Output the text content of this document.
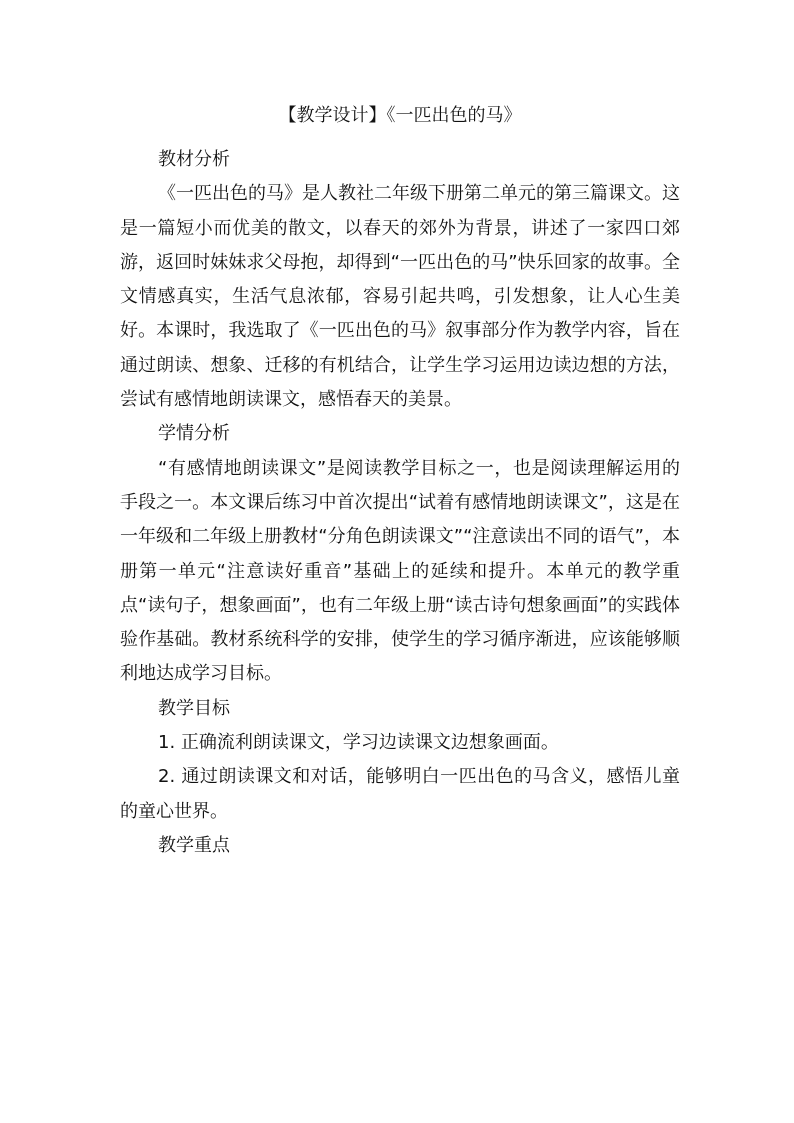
【教学设计】《一匹出色的马》

教材分析

《一匹出色的马》是人教社二年级下册第二单元的第三篇课文。这是一篇短小而优美的散文，以春天的郊外为背景，讲述了一家四口郊游，返回时妹妹求父母抱，却得到“一匹出色的马”快乐回家的故事。全文情感真实，生活气息浓郁，容易引起共鸣，引发想象，让人心生美好。本课时，我选取了《一匹出色的马》叙事部分作为教学内容，旨在通过朗读、想象、迁移的有机结合，让学生学习运用边读边想的方法，尝试有感情地朗读课文，感悟春天的美景。

学情分析

“有感情地朗读课文”是阅读教学目标之一，也是阅读理解运用的手段之一。本文课后练习中首次提出“试着有感情地朗读课文”，这是在一年级和二年级上册教材“分角色朗读课文”“注意读出不同的语气”，本册第一单元“注意读好重音”基础上的延续和提升。本单元的教学重点“读句子，想象画面”，也有二年级上册“读古诗句想象画面”的实践体验作基础。教材系统科学的安排，使学生的学习循序渐进，应该能够顺利地达成学习目标。

教学目标

1. 正确流利朗读课文，学习边读课文边想象画面。

2. 通过朗读课文和对话，能够明白一匹出色的马含义，感悟儿童的童心世界。

教学重点
